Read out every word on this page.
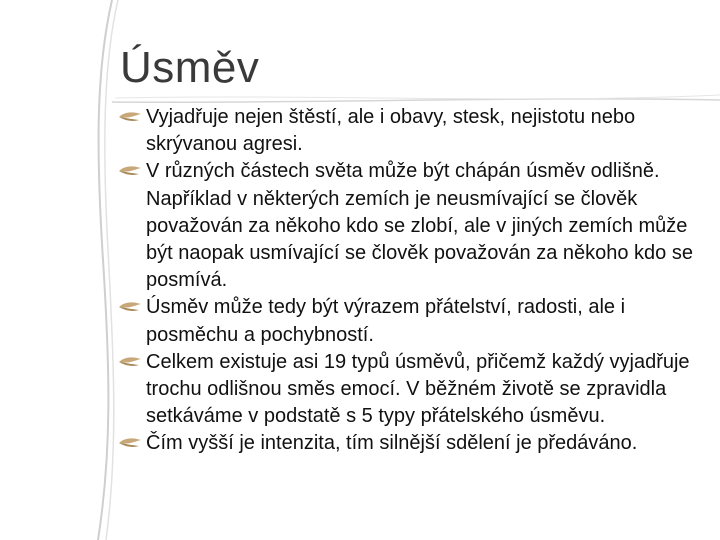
Úsměv
Vyjadřuje nejen štěstí, ale i obavy, stesk, nejistotu nebo skrývanou agresi.
V různých částech světa může být chápán úsměv odlišně. Například v některých zemích je neusmívající se člověk považován za někoho kdo se zlobí, ale v jiných zemích může být naopak usmívající se člověk považován za někoho kdo se posmívá.
Úsměv může tedy být výrazem přátelství, radosti, ale i posměchu a pochybností.
Celkem existuje asi 19 typů úsměvů, přičemž každý vyjadřuje trochu odlišnou směs emocí. V běžném životě se zpravidla setkáváme v podstatě s 5 typy přátelského úsměvu.
Čím vyšší je intenzita, tím silnější sdělení je předáváno.
